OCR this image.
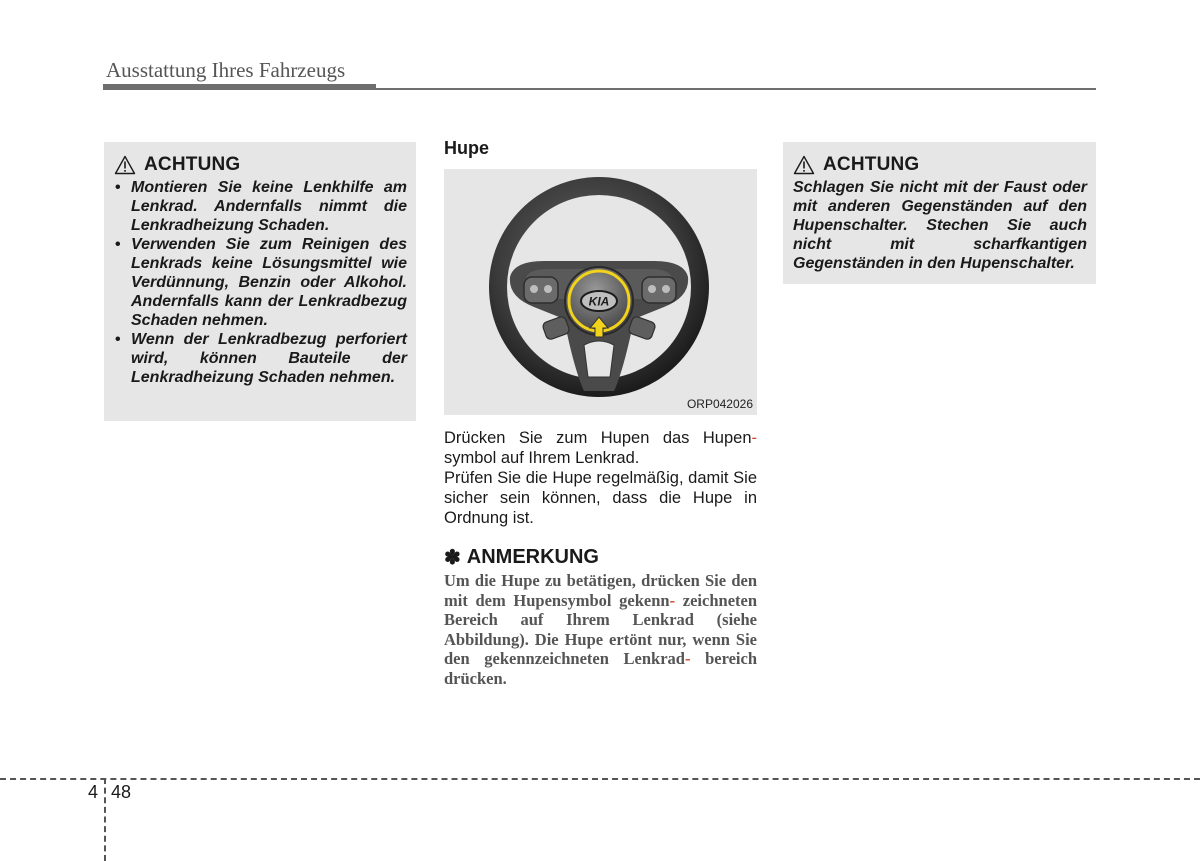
Ausstattung Ihres Fahrzeugs
ACHTUNG
• Montieren Sie keine Lenkhilfe am Lenkrad. Andernfalls nimmt die Lenkradheizung Schaden.
• Verwenden Sie zum Reinigen des Lenkrads keine Lösungsmittel wie Verdünnung, Benzin oder Alkohol. Andernfalls kann der Lenkradbezug Schaden nehmen.
• Wenn der Lenkradbezug perforiert wird, können Bauteile der Lenkradheizung Schaden nehmen.
Hupe
KIA
ORP042026

Drücken Sie zum Hupen das Hupen- symbol auf Ihrem Lenkrad.

Prüfen Sie die Hupe regelmäßig, damit Sie sicher sein können, dass die Hupe in Ordnung ist.

✽ ANMERKUNG

Um die Hupe zu betätigen, drücken Sie den mit dem Hupensymbol gekenn- zeichneten Bereich auf Ihrem Lenkrad (siehe Abbildung). Die Hupe ertönt nur, wenn Sie den gekennzeichneten Lenkrad- bereich drücken.

ACHTUNG

Schlagen Sie nicht mit der Faust oder mit anderen Gegenständen auf den Hupenschalter. Stechen Sie auch nicht mit scharfkantigen Gegenständen in den Hupenschalter.

4 48
